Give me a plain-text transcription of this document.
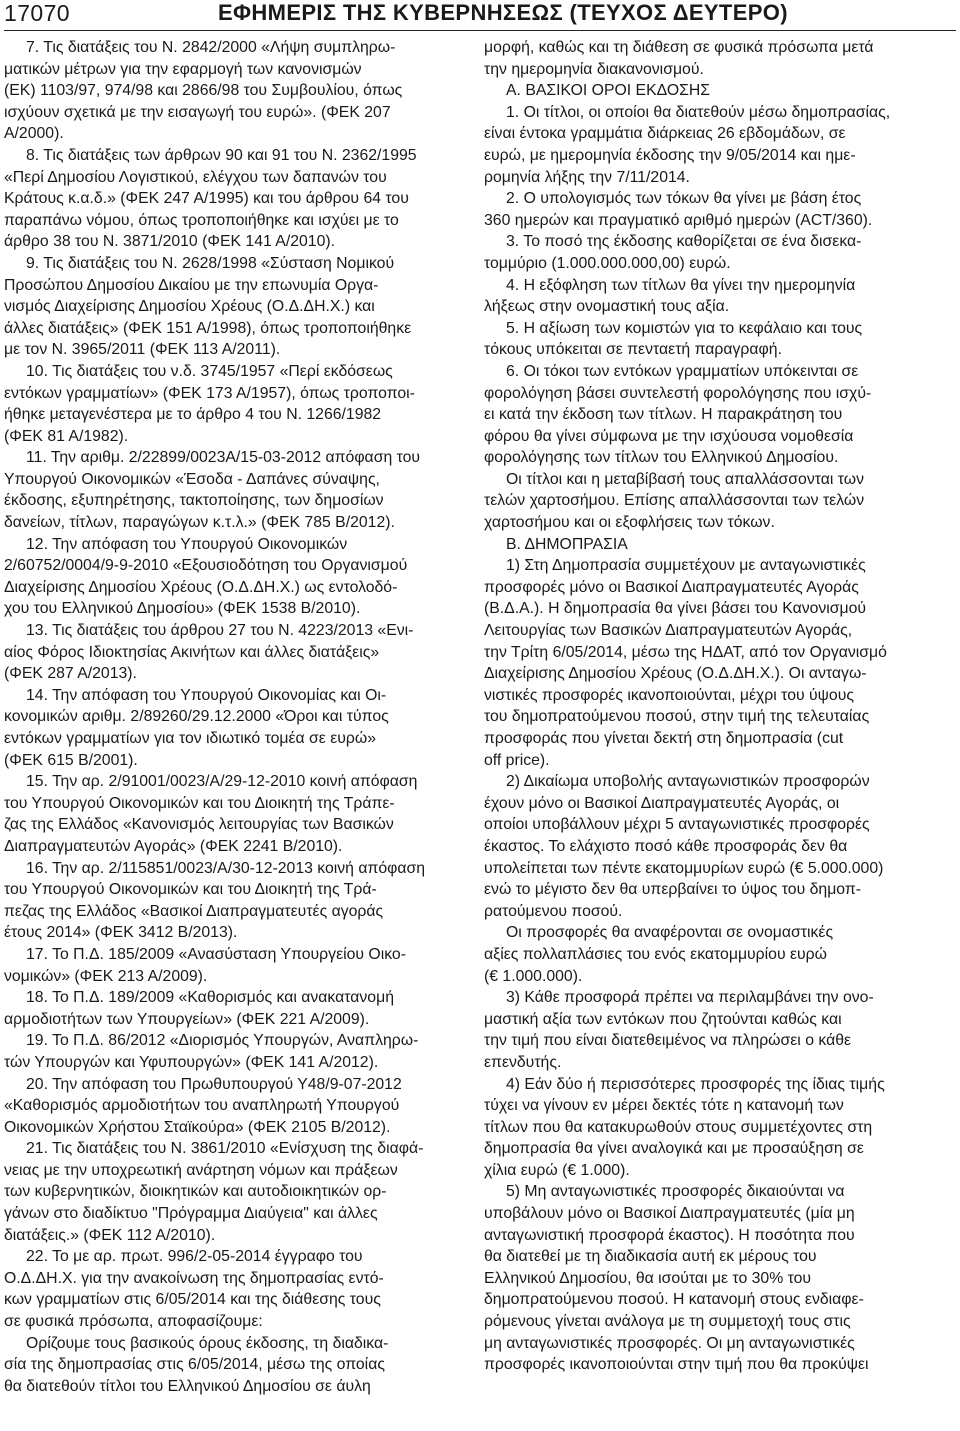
17070	ΕΦΗΜΕΡΙΣ ΤΗΣ ΚΥΒΕΡΝΗΣΕΩΣ (ΤΕΥΧΟΣ ΔΕΥΤΕΡΟ)

7. Τις διατάξεις του Ν. 2842/2000 «Λήψη συμπληρω-
ματικών μέτρων για την εφαρμογή των κανονισμών
(ΕΚ) 1103/97, 974/98 και 2866/98 του Συμβουλίου, όπως
ισχύουν σχετικά με την εισαγωγή του ευρώ». (ΦΕΚ 207
Α/2000).

8. Τις διατάξεις των άρθρων 90 και 91 του Ν. 2362/1995
«Περί Δημοσίου Λογιστικού, ελέγχου των δαπανών του
Κράτους κ.α.δ.» (ΦΕΚ 247 Α/1995) και του άρθρου 64 του
παραπάνω νόμου, όπως τροποποιήθηκε και ισχύει με το
άρθρο 38 του Ν. 3871/2010 (ΦΕΚ 141 Α/2010).

9. Τις διατάξεις του Ν. 2628/1998 «Σύσταση Νομικού
Προσώπου Δημοσίου Δικαίου με την επωνυμία Οργα-
νισμός Διαχείρισης Δημοσίου Χρέους (Ο.Δ.ΔΗ.Χ.) και
άλλες διατάξεις» (ΦΕΚ 151 Α/1998), όπως τροποποιήθηκε
με τον Ν. 3965/2011 (ΦΕΚ 113 Α/2011).

10. Τις διατάξεις του ν.δ. 3745/1957 «Περί εκδόσεως
εντόκων γραμματίων» (ΦΕΚ 173 Α/1957), όπως τροποποι-
ήθηκε μεταγενέστερα με το άρθρο 4 του Ν. 1266/1982
(ΦΕΚ 81 Α/1982).

11. Την αριθμ. 2/22899/0023Α/15-03-2012 απόφαση του
Υπουργού Οικονομικών «Έσοδα - Δαπάνες σύναψης,
έκδοσης, εξυπηρέτησης, τακτοποίησης, των δημοσίων
δανείων, τίτλων, παραγώγων κ.τ.λ.» (ΦΕΚ 785 Β/2012).

12. Την απόφαση του Υπουργού Οικονομικών
2/60752/0004/9-9-2010 «Εξουσιοδότηση του Οργανισμού
Διαχείρισης Δημοσίου Χρέους (Ο.Δ.ΔΗ.Χ.) ως εντολοδό-
χου του Ελληνικού Δημοσίου» (ΦΕΚ 1538 Β/2010).

13. Τις διατάξεις του άρθρου 27 του Ν. 4223/2013 «Ενι-
αίος Φόρος Ιδιοκτησίας Ακινήτων και άλλες διατάξεις»
(ΦΕΚ 287 Α/2013).

14. Την απόφαση του Υπουργού Οικονομίας και Οι-
κονομικών αριθμ. 2/89260/29.12.2000 «Όροι και τύπος
εντόκων γραμματίων για τον ιδιωτικό τομέα σε ευρώ»
(ΦΕΚ 615 Β/2001).

15. Την αρ. 2/91001/0023/Α/29-12-2010 κοινή απόφαση
του Υπουργού Οικονομικών και του Διοικητή της Τράπε-
ζας της Ελλάδος «Κανονισμός λειτουργίας των Βασικών
Διαπραγματευτών Αγοράς» (ΦΕΚ 2241 Β/2010).

16. Την αρ. 2/115851/0023/Α/30-12-2013 κοινή απόφαση
του Υπουργού Οικονομικών και του Διοικητή της Τρά-
πεζας της Ελλάδος «Βασικοί Διαπραγματευτές αγοράς
έτους 2014» (ΦΕΚ 3412 Β/2013).

17. Το Π.Δ. 185/2009 «Ανασύσταση Υπουργείου Οικο-
νομικών» (ΦΕΚ 213 Α/2009).

18. Το Π.Δ. 189/2009 «Καθορισμός και ανακατανομή
αρμοδιοτήτων των Υπουργείων» (ΦΕΚ 221 Α/2009).

19. Το Π.Δ. 86/2012 «Διορισμός Υπουργών, Αναπληρω-
τών Υπουργών και Υφυπουργών» (ΦΕΚ 141 Α/2012).

20. Την απόφαση του Πρωθυπουργού Υ48/9-07-2012
«Καθορισμός αρμοδιοτήτων του αναπληρωτή Υπουργού
Οικονομικών Χρήστου Σταϊκούρα» (ΦΕΚ 2105 Β/2012).

21. Τις διατάξεις του Ν. 3861/2010 «Ενίσχυση της διαφά-
νειας με την υποχρεωτική ανάρτηση νόμων και πράξεων
των κυβερνητικών, διοικητικών και αυτοδιοικητικών ορ-
γάνων στο διαδίκτυο "Πρόγραμμα Διαύγεια" και άλλες
διατάξεις.» (ΦΕΚ 112 Α/2010).

22. Το με αρ. πρωτ. 996/2-05-2014 έγγραφο του
Ο.Δ.ΔΗ.Χ. για την ανακοίνωση της δημοπρασίας εντό-
κων γραμματίων στις 6/05/2014 και της διάθεσης τους
σε φυσικά πρόσωπα, αποφασίζουμε:

Ορίζουμε τους βασικούς όρους έκδοσης, τη διαδικα-
σία της δημοπρασίας στις 6/05/2014, μέσω της οποίας
θα διατεθούν τίτλοι του Ελληνικού Δημοσίου σε άυλη

μορφή, καθώς και τη διάθεση σε φυσικά πρόσωπα μετά
την ημερομηνία διακανονισμού.

Α. ΒΑΣΙΚΟΙ ΟΡΟΙ ΕΚΔΟΣΗΣ

1. Οι τίτλοι, οι οποίοι θα διατεθούν μέσω δημοπρασίας,
είναι έντοκα γραμμάτια διάρκειας 26 εβδομάδων, σε
ευρώ, με ημερομηνία έκδοσης την 9/05/2014 και ημε-
ρομηνία λήξης την 7/11/2014.

2. Ο υπολογισμός των τόκων θα γίνει με βάση έτος
360 ημερών και πραγματικό αριθμό ημερών (ACT/360).

3. Το ποσό της έκδοσης καθορίζεται σε ένα δισεκα-
τομμύριο (1.000.000.000,00) ευρώ.

4. Η εξόφληση των τίτλων θα γίνει την ημερομηνία
λήξεως στην ονομαστική τους αξία.

5. Η αξίωση των κομιστών για το κεφάλαιο και τους
τόκους υπόκειται σε πενταετή παραγραφή.

6. Οι τόκοι των εντόκων γραμματίων υπόκεινται σε
φορολόγηση βάσει συντελεστή φορολόγησης που ισχύ-
ει κατά την έκδοση των τίτλων. Η παρακράτηση του
φόρου θα γίνει σύμφωνα με την ισχύουσα νομοθεσία
φορολόγησης των τίτλων του Ελληνικού Δημοσίου.

Οι τίτλοι και η μεταβίβασή τους απαλλάσσονται των
τελών χαρτοσήμου. Επίσης απαλλάσσονται των τελών
χαρτοσήμου και οι εξοφλήσεις των τόκων.

Β. ΔΗΜΟΠΡΑΣΙΑ

1) Στη Δημοπρασία συμμετέχουν με ανταγωνιστικές
προσφορές μόνο οι Βασικοί Διαπραγματευτές Αγοράς
(Β.Δ.Α.). Η δημοπρασία θα γίνει βάσει του Κανονισμού
Λειτουργίας των Βασικών Διαπραγματευτών Αγοράς,
την Τρίτη 6/05/2014, μέσω της ΗΔΑΤ, από τον Οργανισμό
Διαχείρισης Δημοσίου Χρέους (Ο.Δ.ΔΗ.Χ.). Οι ανταγω-
νιστικές προσφορές ικανοποιούνται, μέχρι του ύψους
του δημοπρατούμενου ποσού, στην τιμή της τελευταίας
προσφοράς που γίνεται δεκτή στη δημοπρασία (cut
off price).

2) Δικαίωμα υποβολής ανταγωνιστικών προσφορών
έχουν μόνο οι Βασικοί Διαπραγματευτές Αγοράς, οι
οποίοι υποβάλλουν μέχρι 5 ανταγωνιστικές προσφορές
έκαστος. Το ελάχιστο ποσό κάθε προσφοράς δεν θα
υπολείπεται των πέντε εκατομμυρίων ευρώ (€ 5.000.000)
ενώ το μέγιστο δεν θα υπερβαίνει το ύψος του δημοπ-
ρατούμενου ποσού.

Οι προσφορές θα αναφέρονται σε ονομαστικές
αξίες πολλαπλάσιες του ενός εκατομμυρίου ευρώ
(€ 1.000.000).

3) Κάθε προσφορά πρέπει να περιλαμβάνει την ονο-
μαστική αξία των εντόκων που ζητούνται καθώς και
την τιμή που είναι διατεθειμένος να πληρώσει ο κάθε
επενδυτής.

4) Εάν δύο ή περισσότερες προσφορές της ίδιας τιμής
τύχει να γίνουν εν μέρει δεκτές τότε η κατανομή των
τίτλων που θα κατακυρωθούν στους συμμετέχοντες στη
δημοπρασία θα γίνει αναλογικά και με προσαύξηση σε
χίλια ευρώ (€ 1.000).

5) Μη ανταγωνιστικές προσφορές δικαιούνται να
υποβάλουν μόνο οι Βασικοί Διαπραγματευτές (μία μη
ανταγωνιστική προσφορά έκαστος). Η ποσότητα που
θα διατεθεί με τη διαδικασία αυτή εκ μέρους του
Ελληνικού Δημοσίου, θα ισούται με το 30% του
δημοπρατούμενου ποσού. Η κατανομή στους ενδιαφε-
ρόμενους γίνεται ανάλογα με τη συμμετοχή τους στις
μη ανταγωνιστικές προσφορές. Οι μη ανταγωνιστικές
προσφορές ικανοποιούνται στην τιμή που θα προκύψει
